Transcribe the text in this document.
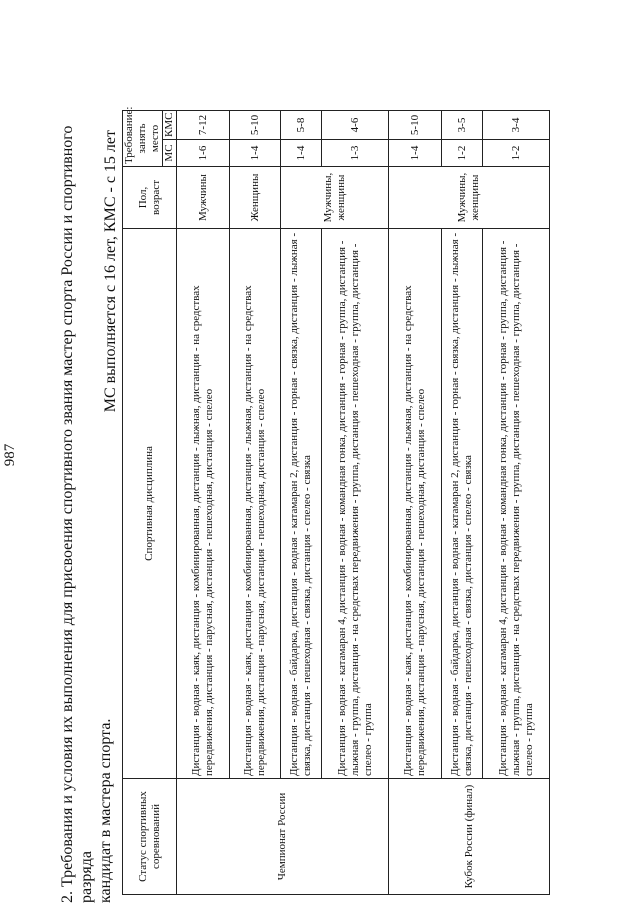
987	2. Требования и условия их выполнения для присвоения спортивного звания мастер спорта России и спортивного разряда кандидат в мастера спорта.
МС выполняется с 16 лет, КМС - с 15 лет
Статус спортивных соревнований	Спортивная дисциплина	Пол, возраст	Требование: занять место	
			МС	КМС
Чемпионат России	Дистанция - водная - каяк, дистанция - комбинированная, дистанция - лыжная, дистанция - на средствах передвижения, дистанция - парусная, дистанция - пешеходная, дистанция - спелео	Мужчины	1-6	7-12
	Дистанция - водная - каяк, дистанция - комбинированная, дистанция - лыжная, дистанция - на средствах передвижения, дистанция - парусная, дистанция - пешеходная, дистанция - спелео	Женщины	1-4	5-10
	Дистанция - водная - байдарка, дистанция - водная - катамаран 2, дистанция - горная - связка, дистанция - лыжная - связка, дистанция - пешеходная - связка, дистанция - спелео - связка	Мужчины, женщины	1-4	5-8
	Дистанция - водная - катамаран 4, дистанция - водная - командная гонка, дистанция - горная - группа, дистанция - лыжная - группа, дистанция - на средствах передвижения - группа, дистанция - пешеходная - группа, дистанция - спелео - группа		1-3	4-6
Кубок России (финал)	Дистанция - водная - каяк, дистанция - комбинированная, дистанция - лыжная, дистанция - на средствах передвижения, дистанция - парусная, дистанция - пешеходная, дистанция - спелео	Мужчины, женщины	1-4	5-10
	Дистанция - водная - байдарка, дистанция - водная - катамаран 2, дистанция - горная - связка, дистанция - лыжная - связка, дистанция - пешеходная - связка, дистанция - спелео - связка		1-2	3-5
	Дистанция - водная - катамаран 4, дистанция - водная - командная гонка, дистанция - горная - группа, дистанция - лыжная - группа, дистанция - на средствах передвижения - группа, дистанция - пешеходная - группа, дистанция - спелео - группа		1-2	3-4
